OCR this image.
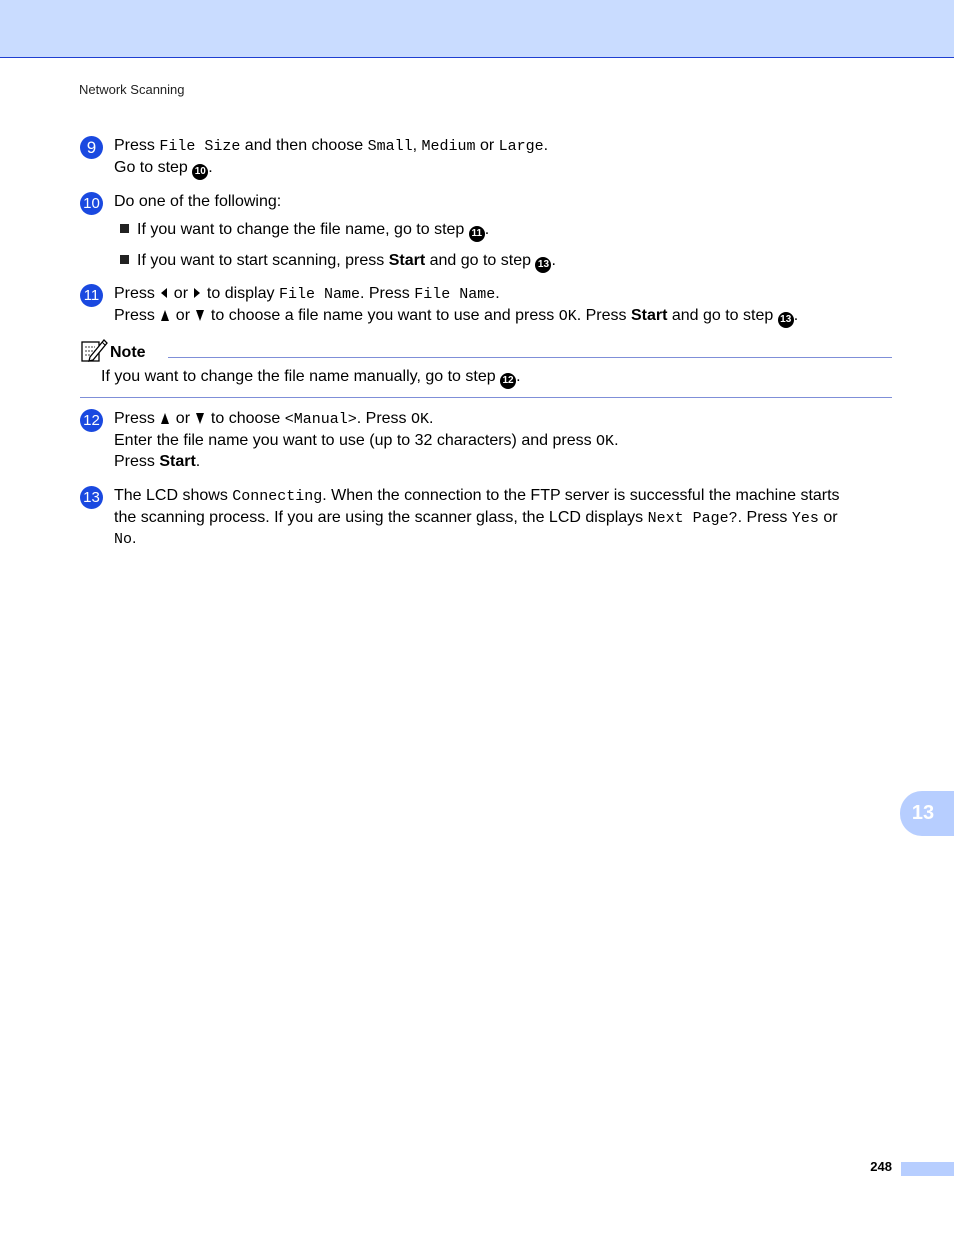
Network Scanning
9	Press File Size and then choose Small, Medium or Large.
Go to step 10 .
10 Do one of the following:
If you want to change the file name, go to step 11 .
If you want to start scanning, press Start and go to step 13 .
11 Press  or  to display File Name. Press File Name.
Press  or  to choose a file name you want to use and press OK. Press Start and go to step 13 .
Note
If you want to change the file name manually, go to step 12 .
12 Press  or  to choose <Manual>. Press OK.
Enter the file name you want to use (up to 32 characters) and press OK.
Press Start.
13 The LCD shows Connecting. When the connection to the FTP server is successful the machine starts
the scanning process. If you are using the scanner glass, the LCD displays Next Page?. Press Yes or
No.
13
248
